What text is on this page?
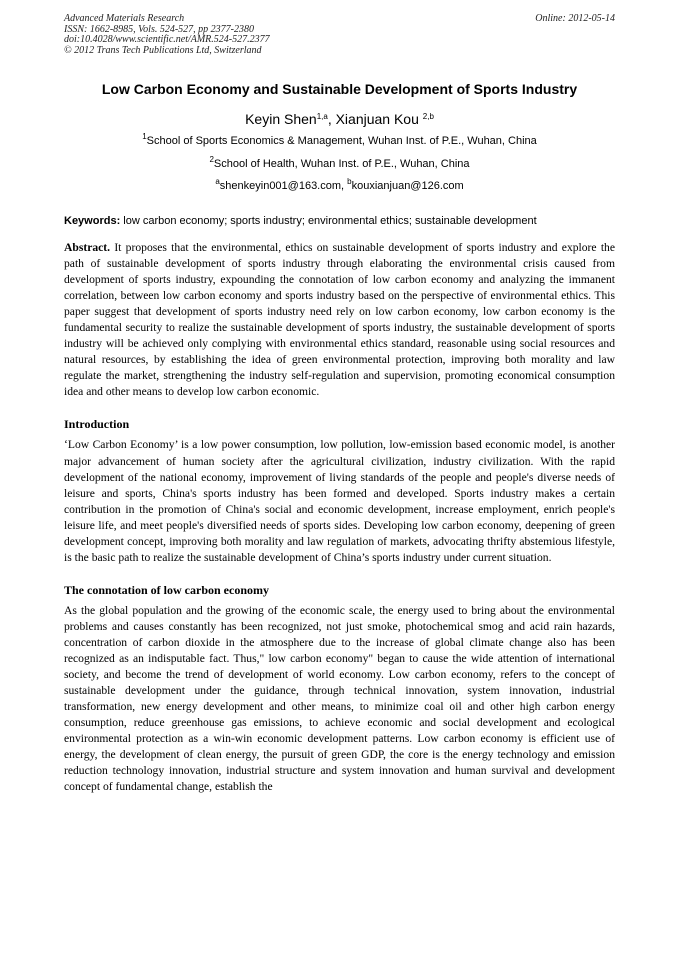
Advanced Materials Research
ISSN: 1662-8985, Vols. 524-527, pp 2377-2380
doi:10.4028/www.scientific.net/AMR.524-527.2377
© 2012 Trans Tech Publications Ltd, Switzerland
Online: 2012-05-14
Low Carbon Economy and Sustainable Development of Sports Industry
Keyin Shen$^{1,a}$, Xianjuan Kou $^{2,b}$
$^1$School of Sports Economics & Management, Wuhan Inst. of P.E., Wuhan, China
$^2$School of Health, Wuhan Inst. of P.E., Wuhan, China
$^a$shenkeyin001@163.com, $^b$kouxianjuan@126.com
Keywords: low carbon economy; sports industry; environmental ethics; sustainable development
Abstract. It proposes that the environmental, ethics on sustainable development of sports industry and explore the path of sustainable development of sports industry through elaborating the environmental crisis caused from development of sports industry, expounding the connotation of low carbon economy and analyzing the immanent correlation, between low carbon economy and sports industry based on the perspective of environmental ethics. This paper suggest that development of sports industry need rely on low carbon economy, low carbon economy is the fundamental security to realize the sustainable development of sports industry, the sustainable development of sports industry will be achieved only complying with environmental ethics standard, reasonable using social resources and natural resources, by establishing the idea of green environmental protection, improving both morality and law regulate the market, strengthening the industry self-regulation and supervision, promoting economical consumption idea and other means to develop low carbon economic.
Introduction
‘Low Carbon Economy’ is a low power consumption, low pollution, low-emission based economic model, is another major advancement of human society after the agricultural civilization, industry civilization. With the rapid development of the national economy, improvement of living standards of the people and people's diverse needs of leisure and sports, China's sports industry has been formed and developed. Sports industry makes a certain contribution in the promotion of China's social and economic development, increase employment, enrich people's leisure life, and meet people's diversified needs of sports sides. Developing low carbon economy, deepening of green development concept, improving both morality and law regulation of markets, advocating thrifty abstemious lifestyle, is the basic path to realize the sustainable development of China’s sports industry under current situation.
The connotation of low carbon economy
As the global population and the growing of the economic scale, the energy used to bring about the environmental problems and causes constantly has been recognized, not just smoke, photochemical smog and acid rain hazards, concentration of carbon dioxide in the atmosphere due to the increase of global climate change also has been recognized as an indisputable fact. Thus," low carbon economy" began to cause the wide attention of international society, and become the trend of development of world economy. Low carbon economy, refers to the concept of sustainable development under the guidance, through technical innovation, system innovation, industrial transformation, new energy development and other means, to minimize coal oil and other high carbon energy consumption, reduce greenhouse gas emissions, to achieve economic and social development and ecological environmental protection as a win-win economic development patterns. Low carbon economy is efficient use of energy, the development of clean energy, the pursuit of green GDP, the core is the energy technology and emission reduction technology innovation, industrial structure and system innovation and human survival and development concept of fundamental change, establish the
